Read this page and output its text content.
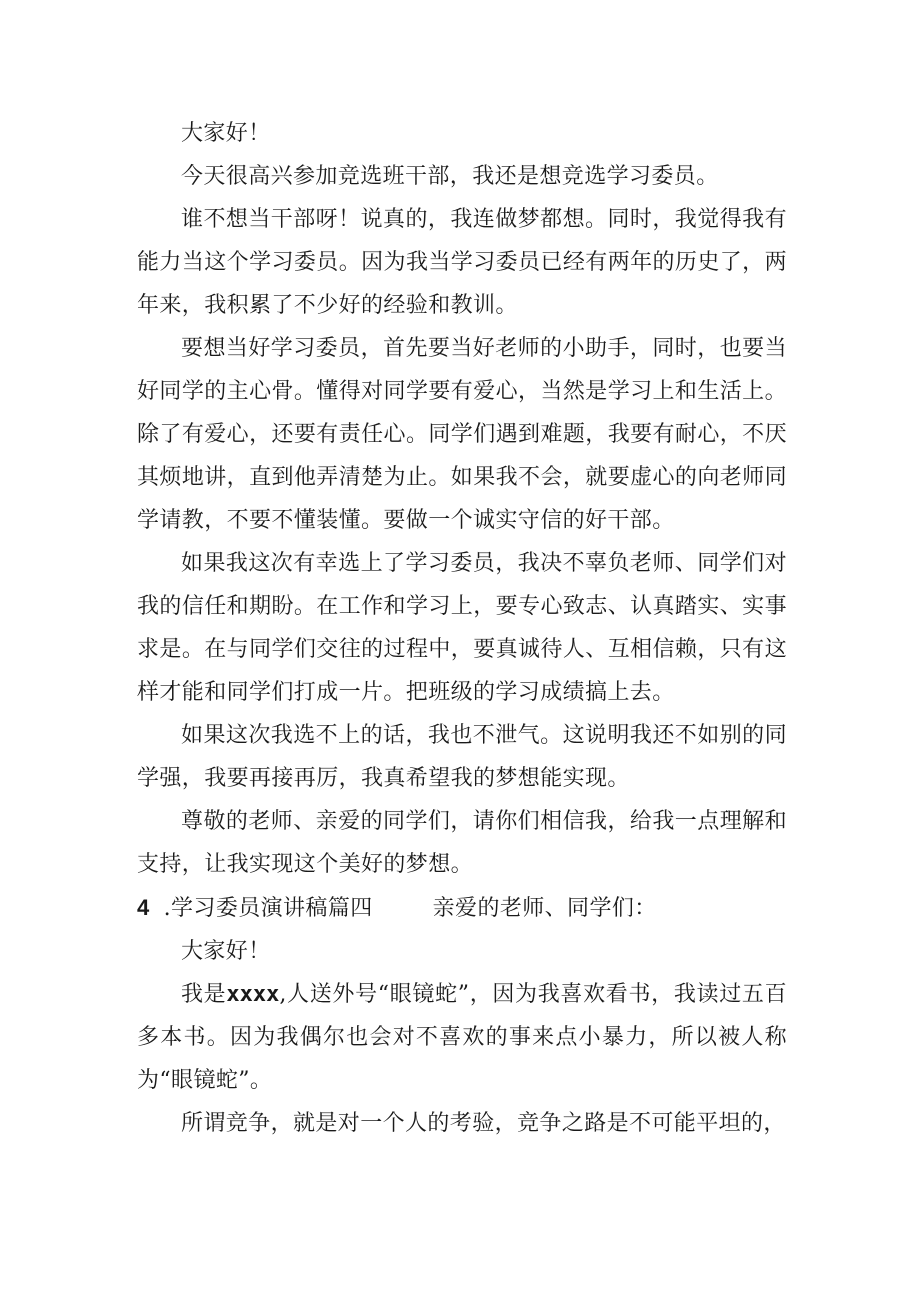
大家好！

今天很高兴参加竞选班干部，我还是想竞选学习委员。

谁不想当干部呀！说真的，我连做梦都想。同时，我觉得我有能力当这个学习委员。因为我当学习委员已经有两年的历史了，两年来，我积累了不少好的经验和教训。

要想当好学习委员，首先要当好老师的小助手，同时，也要当好同学的主心骨。懂得对同学要有爱心，当然是学习上和生活上。除了有爱心，还要有责任心。同学们遇到难题，我要有耐心，不厌其烦地讲，直到他弄清楚为止。如果我不会，就要虚心的向老师同学请教，不要不懂装懂。要做一个诚实守信的好干部。

如果我这次有幸选上了学习委员，我决不辜负老师、同学们对我的信任和期盼。在工作和学习上，要专心致志、认真踏实、实事求是。在与同学们交往的过程中，要真诚待人、互相信赖，只有这样才能和同学们打成一片。把班级的学习成绩搞上去。

如果这次我选不上的话，我也不泄气。这说明我还不如别的同学强，我要再接再厉，我真希望我的梦想能实现。

尊敬的老师、亲爱的同学们，请你们相信我，给我一点理解和支持，让我实现这个美好的梦想。

4 .学习委员演讲稿篇四	亲爱的老师、同学们：

大家好！

我是xxxx,人送外号“眼镜蛇”，因为我喜欢看书，我读过五百多本书。因为我偶尔也会对不喜欢的事来点小暴力，所以被人称为“眼镜蛇”。

所谓竞争，就是对一个人的考验，竞争之路是不可能平坦的，
